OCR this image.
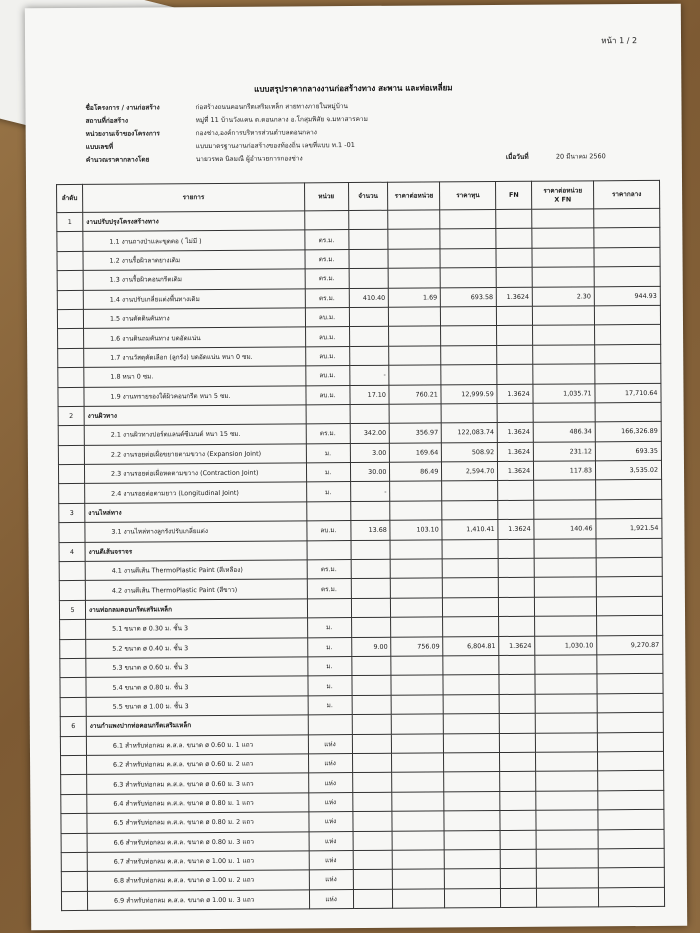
หน้า 1 / 2
แบบสรุปราคากลางงานก่อสร้างทาง สะพาน และท่อเหลี่ยม
ชื่อโครงการ / งานก่อสร้าง	ก่อสร้างถนนคอนกรีตเสริมเหล็ก สายทางภายในหมู่บ้าน
สถานที่ก่อสร้าง	หมู่ที่ 11 บ้านวังแคน ต.ดอนกลาง อ.โกสุมพิสัย จ.มหาสารคาม
หน่วยงานเจ้าของโครงการ	กองช่าง,องค์การบริหารส่วนตำบลดอนกลาง
แบบเลขที่	แบบมาตรฐานงานก่อสร้างของท้องถิ่น เลขที่แบบ ท.1 -01
คำนวณราคากลางโดย	นายวรพล นิลมณี ผู้อำนวยการกองช่าง	เมื่อวันที่	20 มีนาคม 2560
ลำดับ	รายการ	หน่วย	จำนวน	ราคาต่อหน่วย	ราคาทุน	FN	ราคาต่อหน่วย
X FN	ราคากลาง
1	งานปรับปรุงโครงสร้างทาง							
	1.1 งานถางป่าและขุดตอ ( ไม่มี )	ตร.ม.						
	1.2 งานรื้อผิวลาดยางเดิม	ตร.ม.						
	1.3 งานรื้อผิวคอนกรีตเดิม	ตร.ม.						
	1.4 งานปรับเกลี่ยแต่งพื้นทางเดิม	ตร.ม.	410.40	1.69	693.58	1.3624	2.30	944.93
	1.5 งานตัดดินคันทาง	ลบ.ม.						
	1.6 งานดินถมคันทาง บดอัดแน่น	ลบ.ม.						
	1.7 งานวัสดุคัดเลือก (ลูกรัง) บดอัดแน่น หนา 0 ซม.	ลบ.ม.						
	1.8 หนา 0 ซม.	ลบ.ม.	-					
	1.9 งานทรายรองใต้ผิวคอนกรีต หนา 5 ซม.	ลบ.ม.	17.10	760.21	12,999.59	1.3624	1,035.71	17,710.64
2	งานผิวทาง							
	2.1 งานผิวทางปอร์ตแลนด์ซีเมนต์ หนา 15 ซม.	ตร.ม.	342.00	356.97	122,083.74	1.3624	486.34	166,326.89
	2.2 งานรอยต่อเผื่อขยายตามขวาง (Expansion Joint)	ม.	3.00	169.64	508.92	1.3624	231.12	693.35
	2.3 งานรอยต่อเผื่อหดตามขวาง (Contraction Joint)	ม.	30.00	86.49	2,594.70	1.3624	117.83	3,535.02
	2.4 งานรอยต่อตามยาว (Longitudinal Joint)	ม.	-					
3	งานไหล่ทาง							
	3.1 งานไหล่ทางลูกรังปรับเกลี่ยแต่ง	ลบ.ม.	13.68	103.10	1,410.41	1.3624	140.46	1,921.54
4	งานตีเส้นจราจร							
	4.1 งานตีเส้น ThermoPlastic Paint (สีเหลือง)	ตร.ม.						
	4.2 งานตีเส้น ThermoPlastic Paint (สีขาว)	ตร.ม.						
5	งานท่อกลมคอนกรีตเสริมเหล็ก							
	5.1 ขนาด ø 0.30 ม. ชั้น 3	ม.						
	5.2 ขนาด ø 0.40 ม. ชั้น 3	ม.	9.00	756.09	6,804.81	1.3624	1,030.10	9,270.87
	5.3 ขนาด ø 0.60 ม. ชั้น 3	ม.						
	5.4 ขนาด ø 0.80 ม. ชั้น 3	ม.						
	5.5 ขนาด ø 1.00 ม. ชั้น 3	ม.						
6	งานกำแพงปากท่อคอนกรีตเสริมเหล็ก							
	6.1 สำหรับท่อกลม ค.ส.ล. ขนาด ø 0.60 ม. 1 แถว	แห่ง						
	6.2 สำหรับท่อกลม ค.ส.ล. ขนาด ø 0.60 ม. 2 แถว	แห่ง						
	6.3 สำหรับท่อกลม ค.ส.ล. ขนาด ø 0.60 ม. 3 แถว	แห่ง						
	6.4 สำหรับท่อกลม ค.ส.ล. ขนาด ø 0.80 ม. 1 แถว	แห่ง						
	6.5 สำหรับท่อกลม ค.ส.ล. ขนาด ø 0.80 ม. 2 แถว	แห่ง						
	6.6 สำหรับท่อกลม ค.ส.ล. ขนาด ø 0.80 ม. 3 แถว	แห่ง						
	6.7 สำหรับท่อกลม ค.ส.ล. ขนาด ø 1.00 ม. 1 แถว	แห่ง						
	6.8 สำหรับท่อกลม ค.ส.ล. ขนาด ø 1.00 ม. 2 แถว	แห่ง						
	6.9 สำหรับท่อกลม ค.ส.ล. ขนาด ø 1.00 ม. 3 แถว	แห่ง						
